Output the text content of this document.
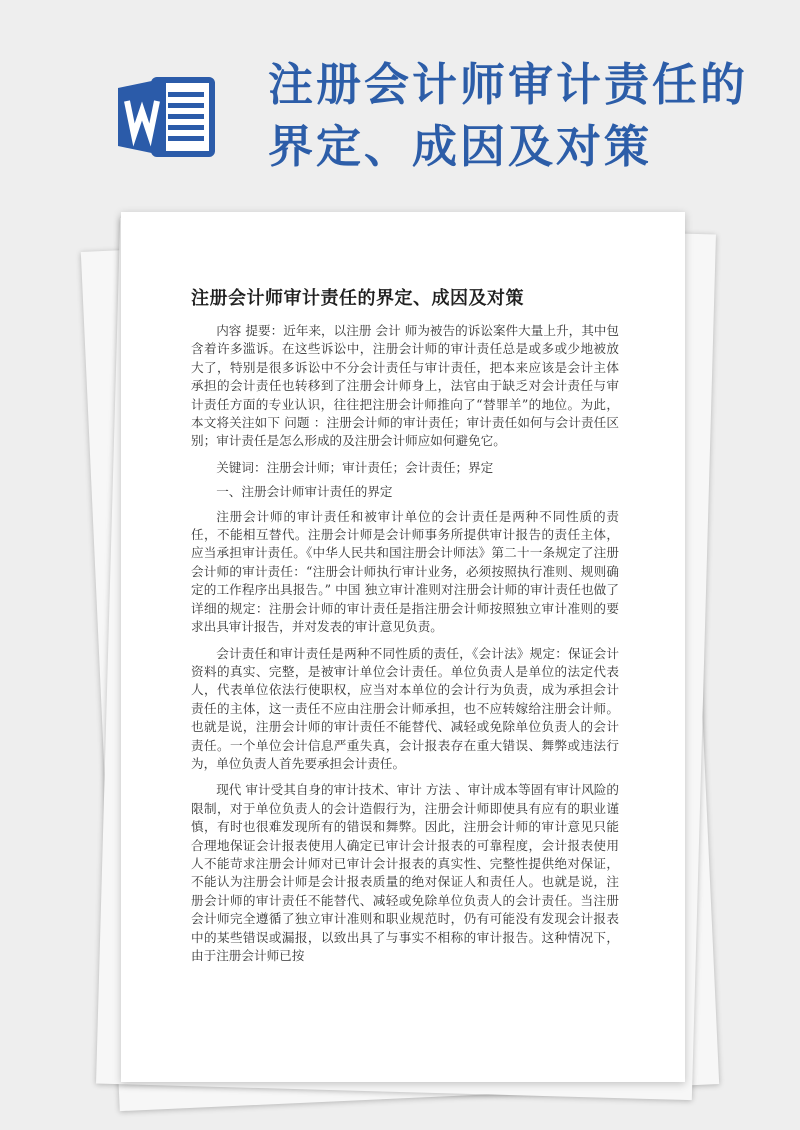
注册会计师审计责任的界定、成因及对策
注册会计师审计责任的界定、成因及对策

内容 提要：近年来，以注册 会计 师为被告的诉讼案件大量上升，其中包含着许多滥诉。在这些诉讼中，注册会计师的审计责任总是或多或少地被放大了，特别是很多诉讼中不分会计责任与审计责任，把本来应该是会计主体承担的会计责任也转移到了注册会计师身上，法官由于缺乏对会计责任与审计责任方面的专业认识，往往把注册会计师推向了“替罪羊”的地位。为此，本文将关注如下 问题 ：注册会计师的审计责任；审计责任如何与会计责任区别；审计责任是怎么形成的及注册会计师应如何避免它。

关键词：注册会计师；审计责任；会计责任；界定

一、注册会计师审计责任的界定

注册会计师的审计责任和被审计单位的会计责任是两种不同性质的责任，不能相互替代。注册会计师是会计师事务所提供审计报告的责任主体，应当承担审计责任。《中华人民共和国注册会计师法》第二十一条规定了注册会计师的审计责任：“注册会计师执行审计业务，必须按照执行准则、规则确定的工作程序出具报告。” 中国 独立审计准则对注册会计师的审计责任也做了详细的规定：注册会计师的审计责任是指注册会计师按照独立审计准则的要求出具审计报告，并对发表的审计意见负责。

会计责任和审计责任是两种不同性质的责任，《会计法》规定：保证会计资料的真实、完整，是被审计单位会计责任。单位负责人是单位的法定代表人，代表单位依法行使职权，应当对本单位的会计行为负责，成为承担会计责任的主体，这一责任不应由注册会计师承担，也不应转嫁给注册会计师。也就是说，注册会计师的审计责任不能替代、减轻或免除单位负责人的会计责任。一个单位会计信息严重失真，会计报表存在重大错误、舞弊或违法行为，单位负责人首先要承担会计责任。

现代 审计受其自身的审计技术、审计 方法 、审计成本等固有审计风险的限制，对于单位负责人的会计造假行为，注册会计师即使具有应有的职业谨慎，有时也很难发现所有的错误和舞弊。因此，注册会计师的审计意见只能合理地保证会计报表使用人确定已审计会计报表的可靠程度，会计报表使用人不能苛求注册会计师对已审计会计报表的真实性、完整性提供绝对保证，不能认为注册会计师是会计报表质量的绝对保证人和责任人。也就是说，注册会计师的审计责任不能替代、减轻或免除单位负责人的会计责任。当注册会计师完全遵循了独立审计准则和职业规范时，仍有可能没有发现会计报表中的某些错误或漏报，以致出具了与事实不相称的审计报告。这种情况下，由于注册会计师已按
